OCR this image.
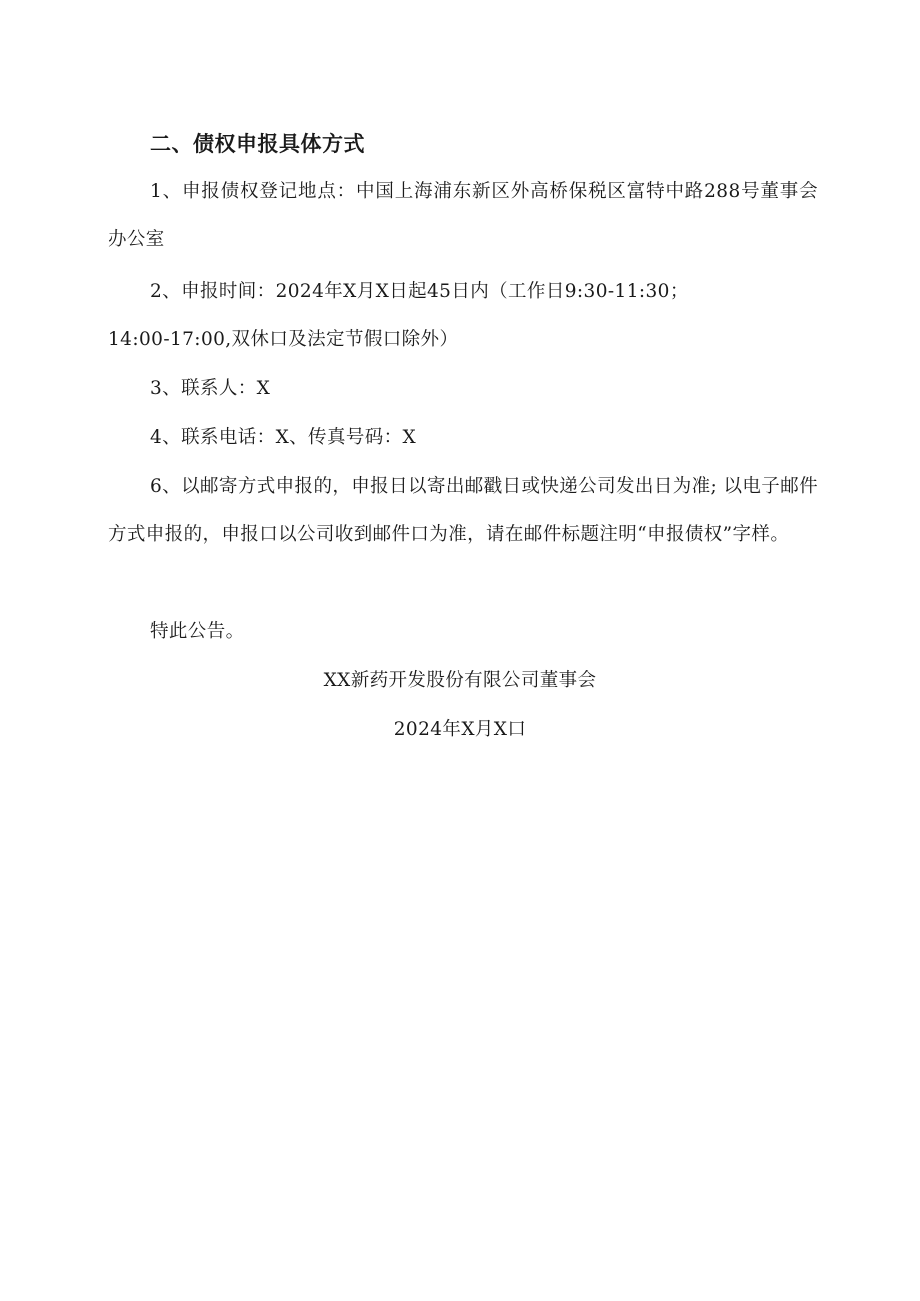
二、债权申报具体方式
1、申报债权登记地点：中国上海浦东新区外高桥保税区富特中路288号董事会办公室
2、申报时间：2024年X月X日起45日内（工作日9:30-11:30；
14:00-17:00,双休口及法定节假口除外）
3、联系人：X
4、联系电话：X、传真号码：X
6、以邮寄方式申报的，申报日以寄出邮戳日或快递公司发出日为准; 以电子邮件方式申报的，申报口以公司收到邮件口为准，请在邮件标题注明“申报债权”字样。
特此公告。
XX新药开发股份有限公司董事会
2024年X月X口
